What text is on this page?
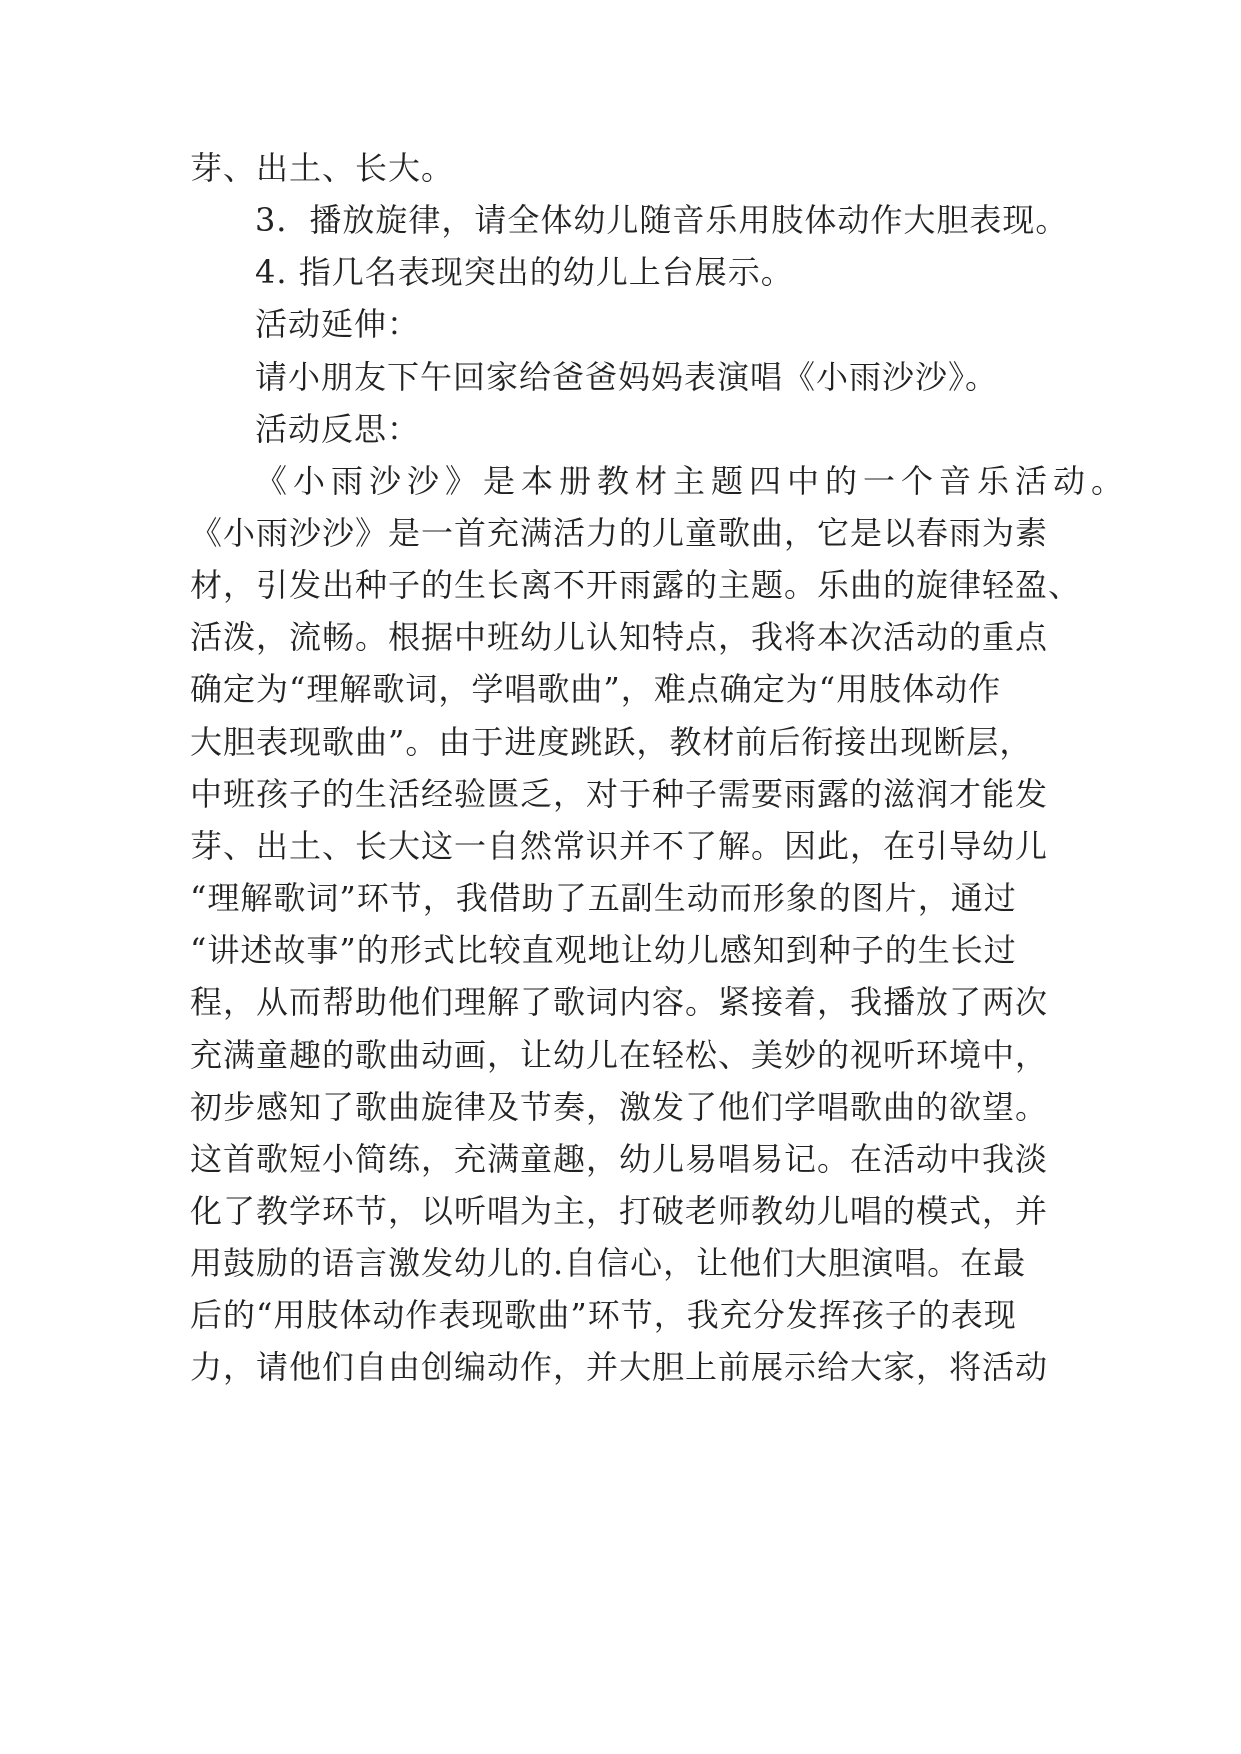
芽、出土、长大。
3．播放旋律，请全体幼儿随音乐用肢体动作大胆表现。
4. 指几名表现突出的幼儿上台展示。
活动延伸：
请小朋友下午回家给爸爸妈妈表演唱《小雨沙沙》。
活动反思：
《小雨沙沙》是本册教材主题四中的一个音乐活动。
《小雨沙沙》是一首充满活力的儿童歌曲，它是以春雨为素
材，引发出种子的生长离不开雨露的主题。乐曲的旋律轻盈、
活泼，流畅。根据中班幼儿认知特点，我将本次活动的重点
确定为“理解歌词，学唱歌曲”，难点确定为“用肢体动作
大胆表现歌曲”。由于进度跳跃，教材前后衔接出现断层，
中班孩子的生活经验匮乏，对于种子需要雨露的滋润才能发
芽、出土、长大这一自然常识并不了解。因此，在引导幼儿
“理解歌词”环节，我借助了五副生动而形象的图片，通过
“讲述故事”的形式比较直观地让幼儿感知到种子的生长过
程，从而帮助他们理解了歌词内容。紧接着，我播放了两次
充满童趣的歌曲动画，让幼儿在轻松、美妙的视听环境中，
初步感知了歌曲旋律及节奏，激发了他们学唱歌曲的欲望。
这首歌短小简练，充满童趣，幼儿易唱易记。在活动中我淡
化了教学环节，以听唱为主，打破老师教幼儿唱的模式，并
用鼓励的语言激发幼儿的.自信心，让他们大胆演唱。在最
后的“用肢体动作表现歌曲”环节，我充分发挥孩子的表现
力，请他们自由创编动作，并大胆上前展示给大家，将活动
